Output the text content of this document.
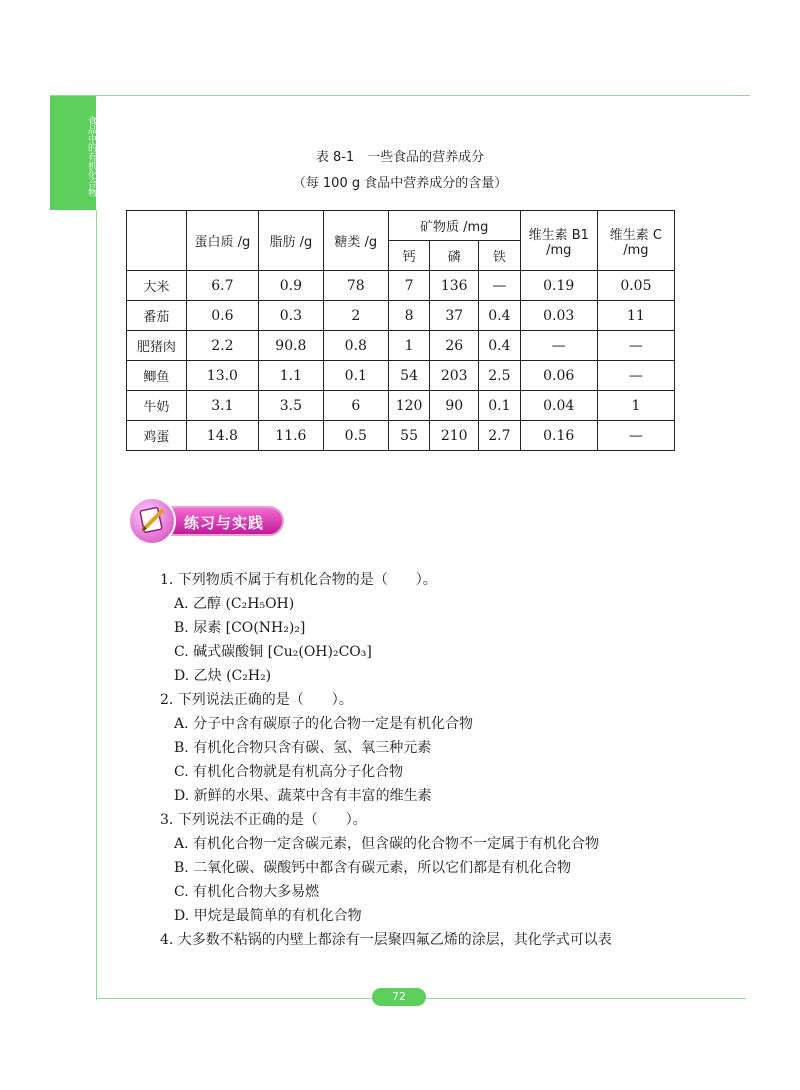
食品中的有机化合物	表 8-1　一些食品的营养成分
（每 100 g 食品中营养成分的含量）
	蛋白质 /g	脂肪 /g	糖类 /g	矿物质 /mg			维生素 B1 /mg	维生素 C /mg
				钙	磷	铁		
大米	6.7	0.9	78	7	136	—	0.19	0.05
番茄	0.6	0.3	2	8	37	0.4	0.03	11
肥猪肉	2.2	90.8	0.8	1	26	0.4	—	—
鲫鱼	13.0	1.1	0.1	54	203	2.5	0.06	—
牛奶	3.1	3.5	6	120	90	0.1	0.04	1
鸡蛋	14.8	11.6	0.5	55	210	2.7	0.16	—
练习与实践
1. 下列物质不属于有机化合物的是（　　）。
A. 乙醇 (C₂H₅OH)
B. 尿素 [CO(NH₂)₂]
C. 碱式碳酸铜 [Cu₂(OH)₂CO₃]
D. 乙炔 (C₂H₂)
2. 下列说法正确的是（　　）。
A. 分子中含有碳原子的化合物一定是有机化合物
B. 有机化合物只含有碳、氢、氧三种元素
C. 有机化合物就是有机高分子化合物
D. 新鲜的水果、蔬菜中含有丰富的维生素
3. 下列说法不正确的是（　　）。
A. 有机化合物一定含碳元素，但含碳的化合物不一定属于有机化合物
B. 二氧化碳、碳酸钙中都含有碳元素，所以它们都是有机化合物
C. 有机化合物大多易燃
D. 甲烷是最简单的有机化合物
4. 大多数不粘锅的内壁上都涂有一层聚四氟乙烯的涂层，其化学式可以表
72
